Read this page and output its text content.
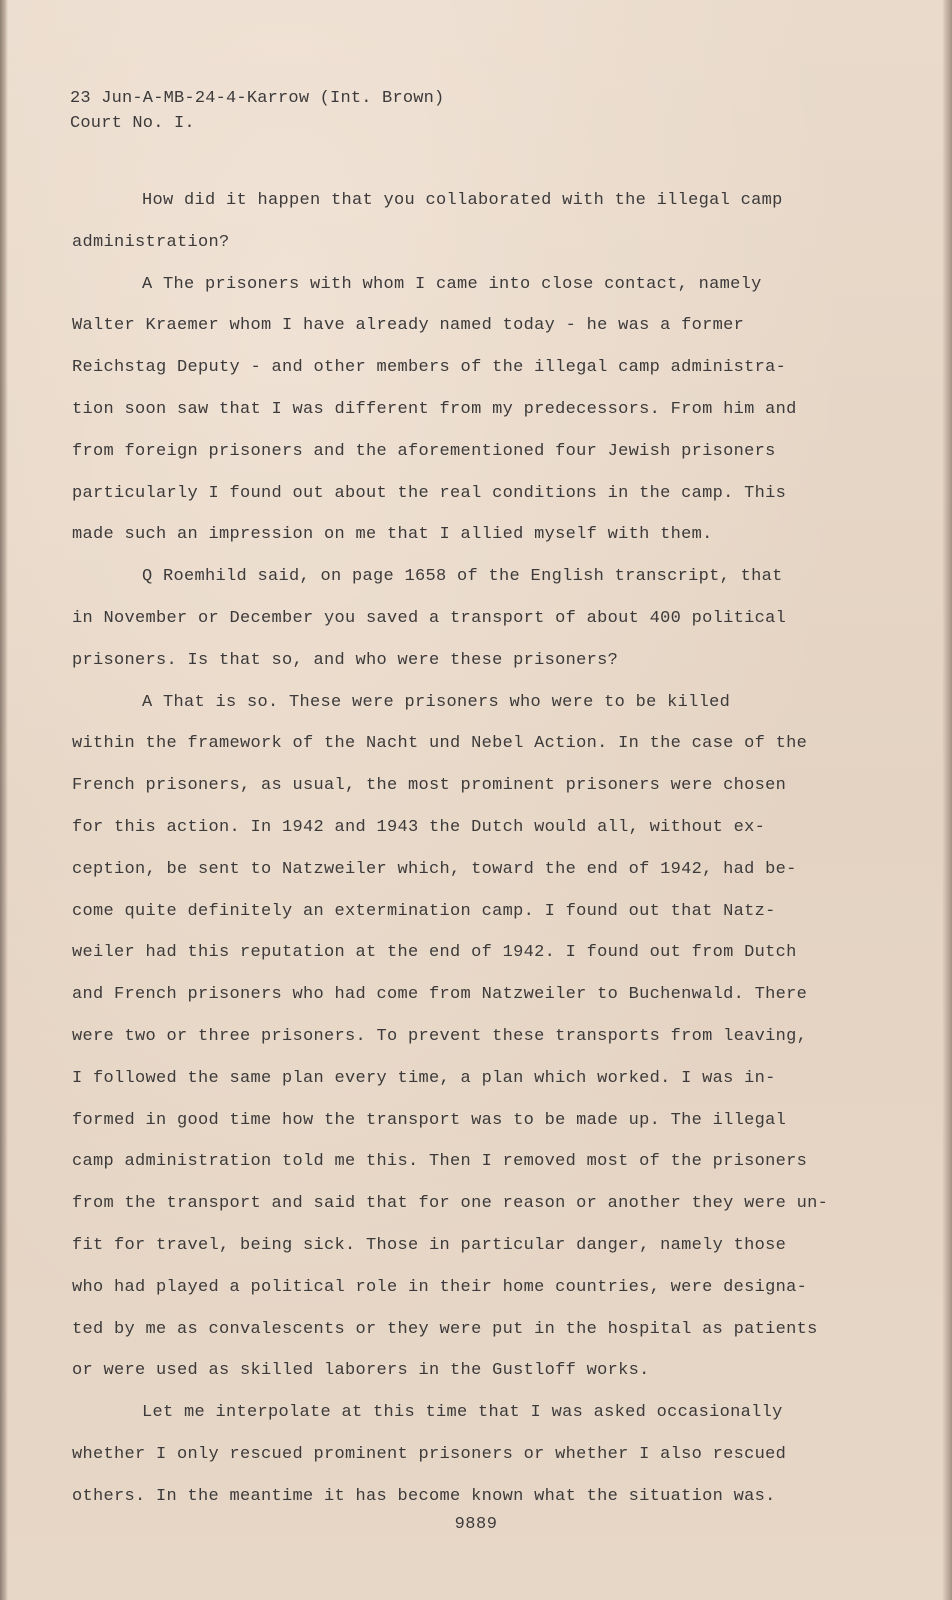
23 Jun-A-MB-24-4-Karrow (Int. Brown)
Court No. I.
How did it happen that you collaborated with the illegal camp
administration?
A The prisoners with whom I came into close contact, namely
Walter Kraemer whom I have already named today - he was a former
Reichstag Deputy - and other members of the illegal camp administra-
tion soon saw that I was different from my predecessors. From him and
from foreign prisoners and the aforementioned four Jewish prisoners
particularly I found out about the real conditions in the camp. This
made such an impression on me that I allied myself with them.
Q Roemhild said, on page 1658 of the English transcript, that
in November or December you saved a transport of about 400 political
prisoners. Is that so, and who were these prisoners?
A That is so. These were prisoners who were to be killed
within the framework of the Nacht und Nebel Action. In the case of the
French prisoners, as usual, the most prominent prisoners were chosen
for this action. In 1942 and 1943 the Dutch would all, without ex-
ception, be sent to Natzweiler which, toward the end of 1942, had be-
come quite definitely an extermination camp. I found out that Natz-
weiler had this reputation at the end of 1942. I found out from Dutch
and French prisoners who had come from Natzweiler to Buchenwald. There
were two or three prisoners. To prevent these transports from leaving,
I followed the same plan every time, a plan which worked. I was in-
formed in good time how the transport was to be made up. The illegal
camp administration told me this. Then I removed most of the prisoners
from the transport and said that for one reason or another they were un-
fit for travel, being sick. Those in particular danger, namely those
who had played a political role in their home countries, were designa-
ted by me as convalescents or they were put in the hospital as patients
or were used as skilled laborers in the Gustloff works.
Let me interpolate at this time that I was asked occasionally
whether I only rescued prominent prisoners or whether I also rescued
others. In the meantime it has become known what the situation was.
9889
